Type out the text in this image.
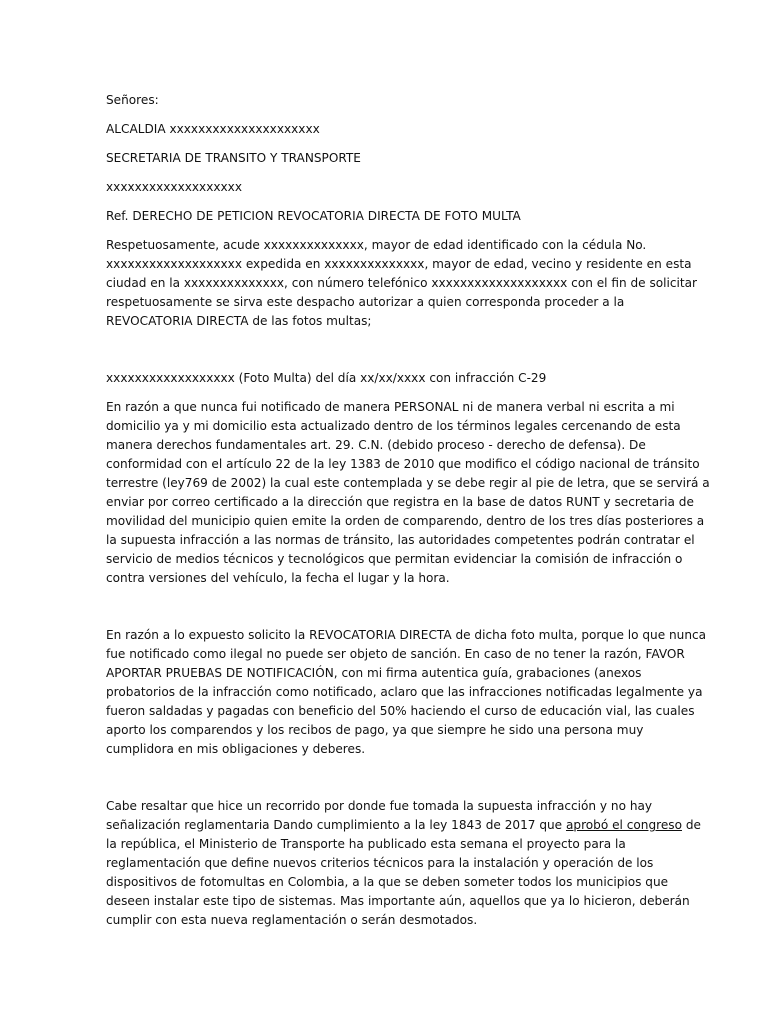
Señores:

ALCALDIA xxxxxxxxxxxxxxxxxxxxx

SECRETARIA DE TRANSITO Y TRANSPORTE

xxxxxxxxxxxxxxxxxxx

Ref. DERECHO DE PETICION REVOCATORIA DIRECTA DE FOTO MULTA

Respetuosamente, acude xxxxxxxxxxxxxx, mayor de edad identificado con la cédula No.

xxxxxxxxxxxxxxxxxxx expedida en xxxxxxxxxxxxxx, mayor de edad, vecino y residente en esta

ciudad en la xxxxxxxxxxxxxx, con número telefónico xxxxxxxxxxxxxxxxxxx con el fin de solicitar

respetuosamente se sirva este despacho autorizar a quien corresponda proceder a la

REVOCATORIA DIRECTA de las fotos multas;

xxxxxxxxxxxxxxxxxx (Foto Multa) del día xx/xx/xxxx con infracción C-29

En razón a que nunca fui notificado de manera PERSONAL ni de manera verbal ni escrita a mi

domicilio ya y mi domicilio esta actualizado dentro de los términos legales cercenando de esta

manera derechos fundamentales art. 29. C.N. (debido proceso - derecho de defensa). De

conformidad con el artículo 22 de la ley 1383 de 2010 que modifico el código nacional de tránsito

terrestre (ley769 de 2002) la cual este contemplada y se debe regir al pie de letra, que se servirá a

enviar por correo certificado a la dirección que registra en la base de datos RUNT y secretaria de

movilidad del municipio quien emite la orden de comparendo, dentro de los tres días posteriores a

la supuesta infracción a las normas de tránsito, las autoridades competentes podrán contratar el

servicio de medios técnicos y tecnológicos que permitan evidenciar la comisión de infracción o

contra versiones del vehículo, la fecha el lugar y la hora.

En razón a lo expuesto solicito la REVOCATORIA DIRECTA de dicha foto multa, porque lo que nunca

fue notificado como ilegal no puede ser objeto de sanción. En caso de no tener la razón, FAVOR

APORTAR PRUEBAS DE NOTIFICACIÓN, con mi firma autentica guía, grabaciones (anexos

probatorios de la infracción como notificado, aclaro que las infracciones notificadas legalmente ya

fueron saldadas y pagadas con beneficio del 50% haciendo el curso de educación vial, las cuales

aporto los comparendos y los recibos de pago, ya que siempre he sido una persona muy

cumplidora en mis obligaciones y deberes.

Cabe resaltar que hice un recorrido por donde fue tomada la supuesta infracción y no hay

señalización reglamentaria Dando cumplimiento a la ley 1843 de 2017 que aprobó el congreso de

la república, el Ministerio de Transporte ha publicado esta semana el proyecto para la

reglamentación que define nuevos criterios técnicos para la instalación y operación de los

dispositivos de fotomultas en Colombia, a la que se deben someter todos los municipios que

deseen instalar este tipo de sistemas. Mas importante aún, aquellos que ya lo hicieron, deberán

cumplir con esta nueva reglamentación o serán desmotados.
